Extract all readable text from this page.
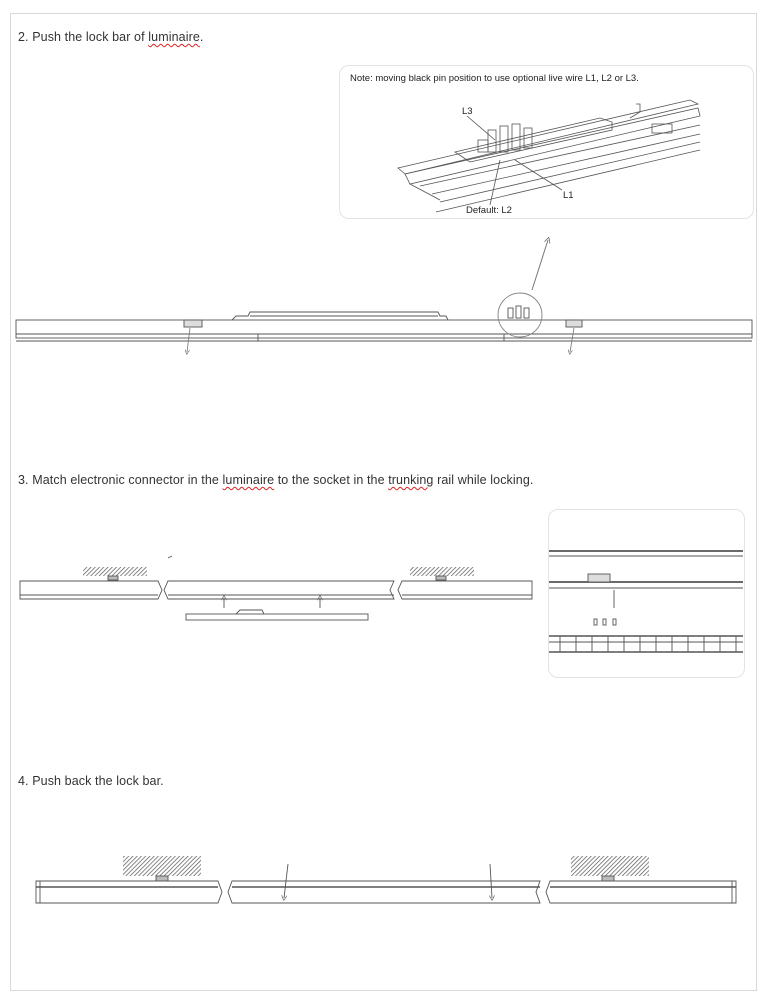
2. Push the lock bar of luminaire.
Note: moving black pin position to use optional live wire L1, L2 or L3.
L3
L1
Default: L2
3. Match electronic connector in the luminaire to the socket in the trunking rail while locking.
4. Push back the lock bar.
